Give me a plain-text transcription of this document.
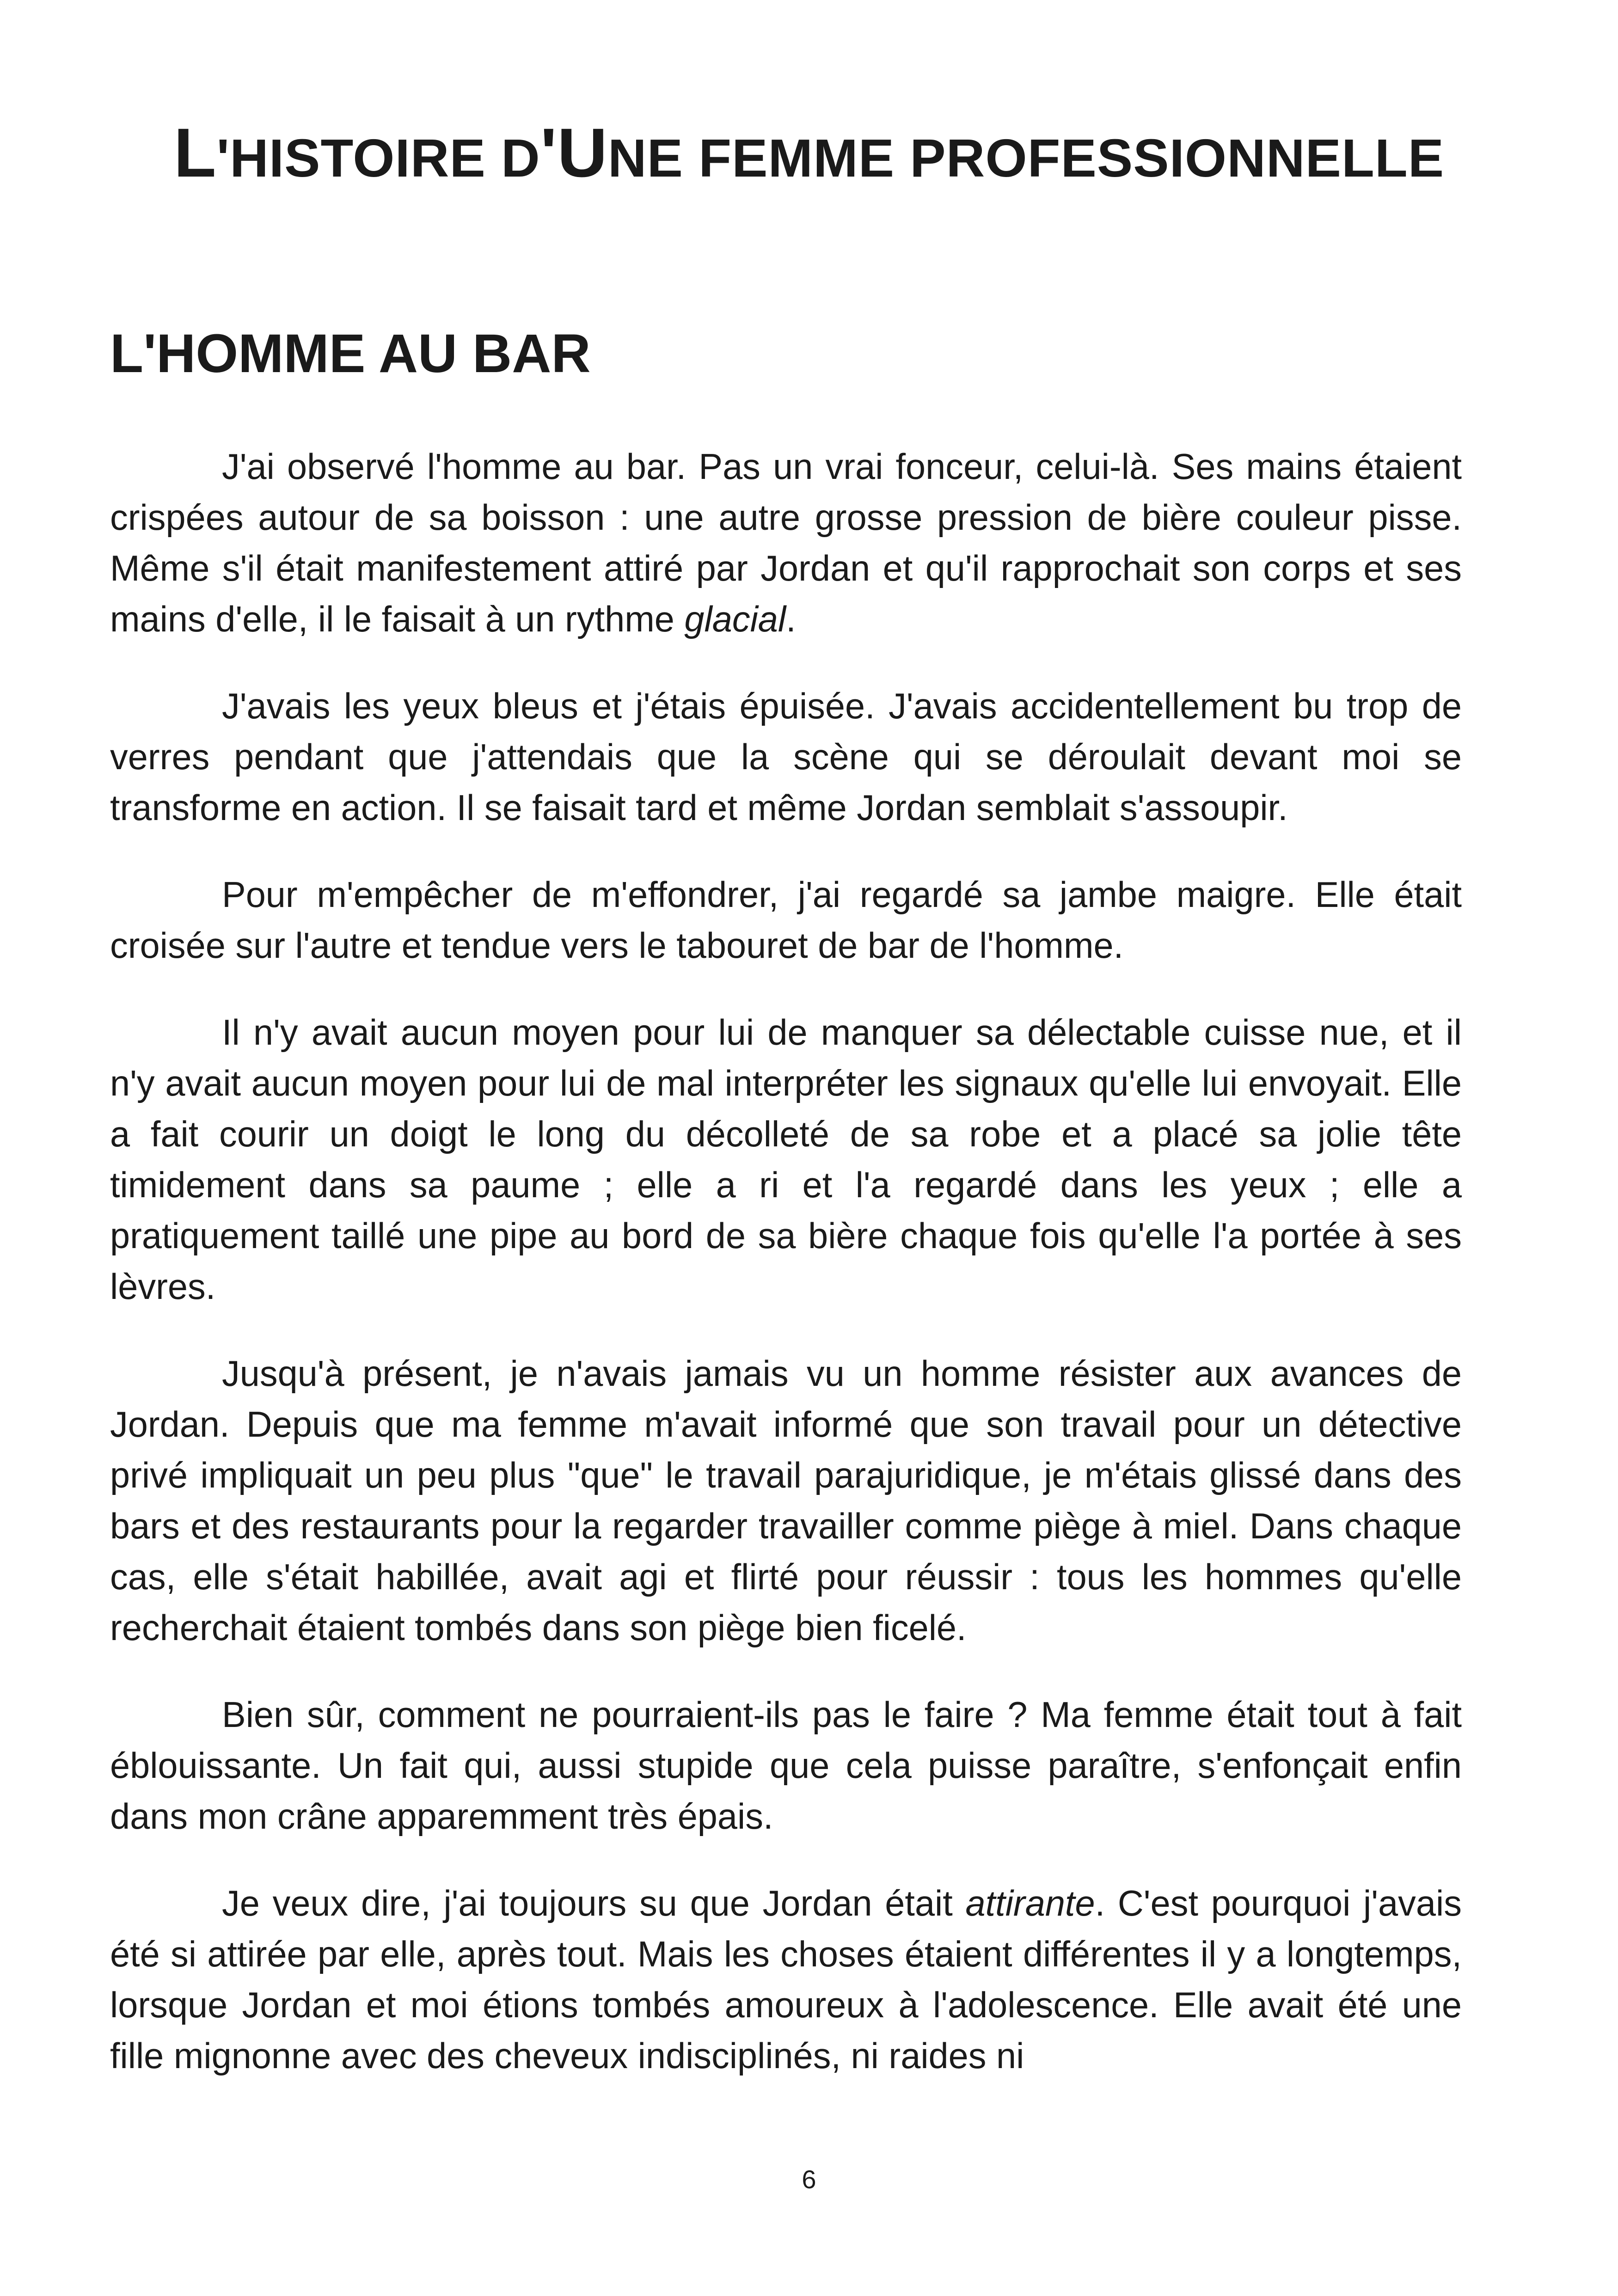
L'HISTOIRE D'UNE FEMME PROFESSIONNELLE
L'HOMME AU BAR

J'ai observé l'homme au bar. Pas un vrai fonceur, celui-là. Ses mains étaient crispées autour de sa boisson : une autre grosse pression de bière couleur pisse. Même s'il était manifestement attiré par Jordan et qu'il rapprochait son corps et ses mains d'elle, il le faisait à un rythme glacial.

J'avais les yeux bleus et j'étais épuisée. J'avais accidentellement bu trop de verres pendant que j'attendais que la scène qui se déroulait devant moi se transforme en action. Il se faisait tard et même Jordan semblait s'assoupir.

Pour m'empêcher de m'effondrer, j'ai regardé sa jambe maigre. Elle était croisée sur l'autre et tendue vers le tabouret de bar de l'homme.

Il n'y avait aucun moyen pour lui de manquer sa délectable cuisse nue, et il n'y avait aucun moyen pour lui de mal interpréter les signaux qu'elle lui envoyait. Elle a fait courir un doigt le long du décolleté de sa robe et a placé sa jolie tête timidement dans sa paume ; elle a ri et l'a regardé dans les yeux ; elle a pratiquement taillé une pipe au bord de sa bière chaque fois qu'elle l'a portée à ses lèvres.

Jusqu'à présent, je n'avais jamais vu un homme résister aux avances de Jordan. Depuis que ma femme m'avait informé que son travail pour un détective privé impliquait un peu plus "que" le travail parajuridique, je m'étais glissé dans des bars et des restaurants pour la regarder travailler comme piège à miel. Dans chaque cas, elle s'était habillée, avait agi et flirté pour réussir : tous les hommes qu'elle recherchait étaient tombés dans son piège bien ficelé.

Bien sûr, comment ne pourraient-ils pas le faire ? Ma femme était tout à fait éblouissante. Un fait qui, aussi stupide que cela puisse paraître, s'enfonçait enfin dans mon crâne apparemment très épais.

Je veux dire, j'ai toujours su que Jordan était attirante. C'est pourquoi j'avais été si attirée par elle, après tout. Mais les choses étaient différentes il y a longtemps, lorsque Jordan et moi étions tombés amoureux à l'adolescence. Elle avait été une fille mignonne avec des cheveux indisciplinés, ni raides ni

6
